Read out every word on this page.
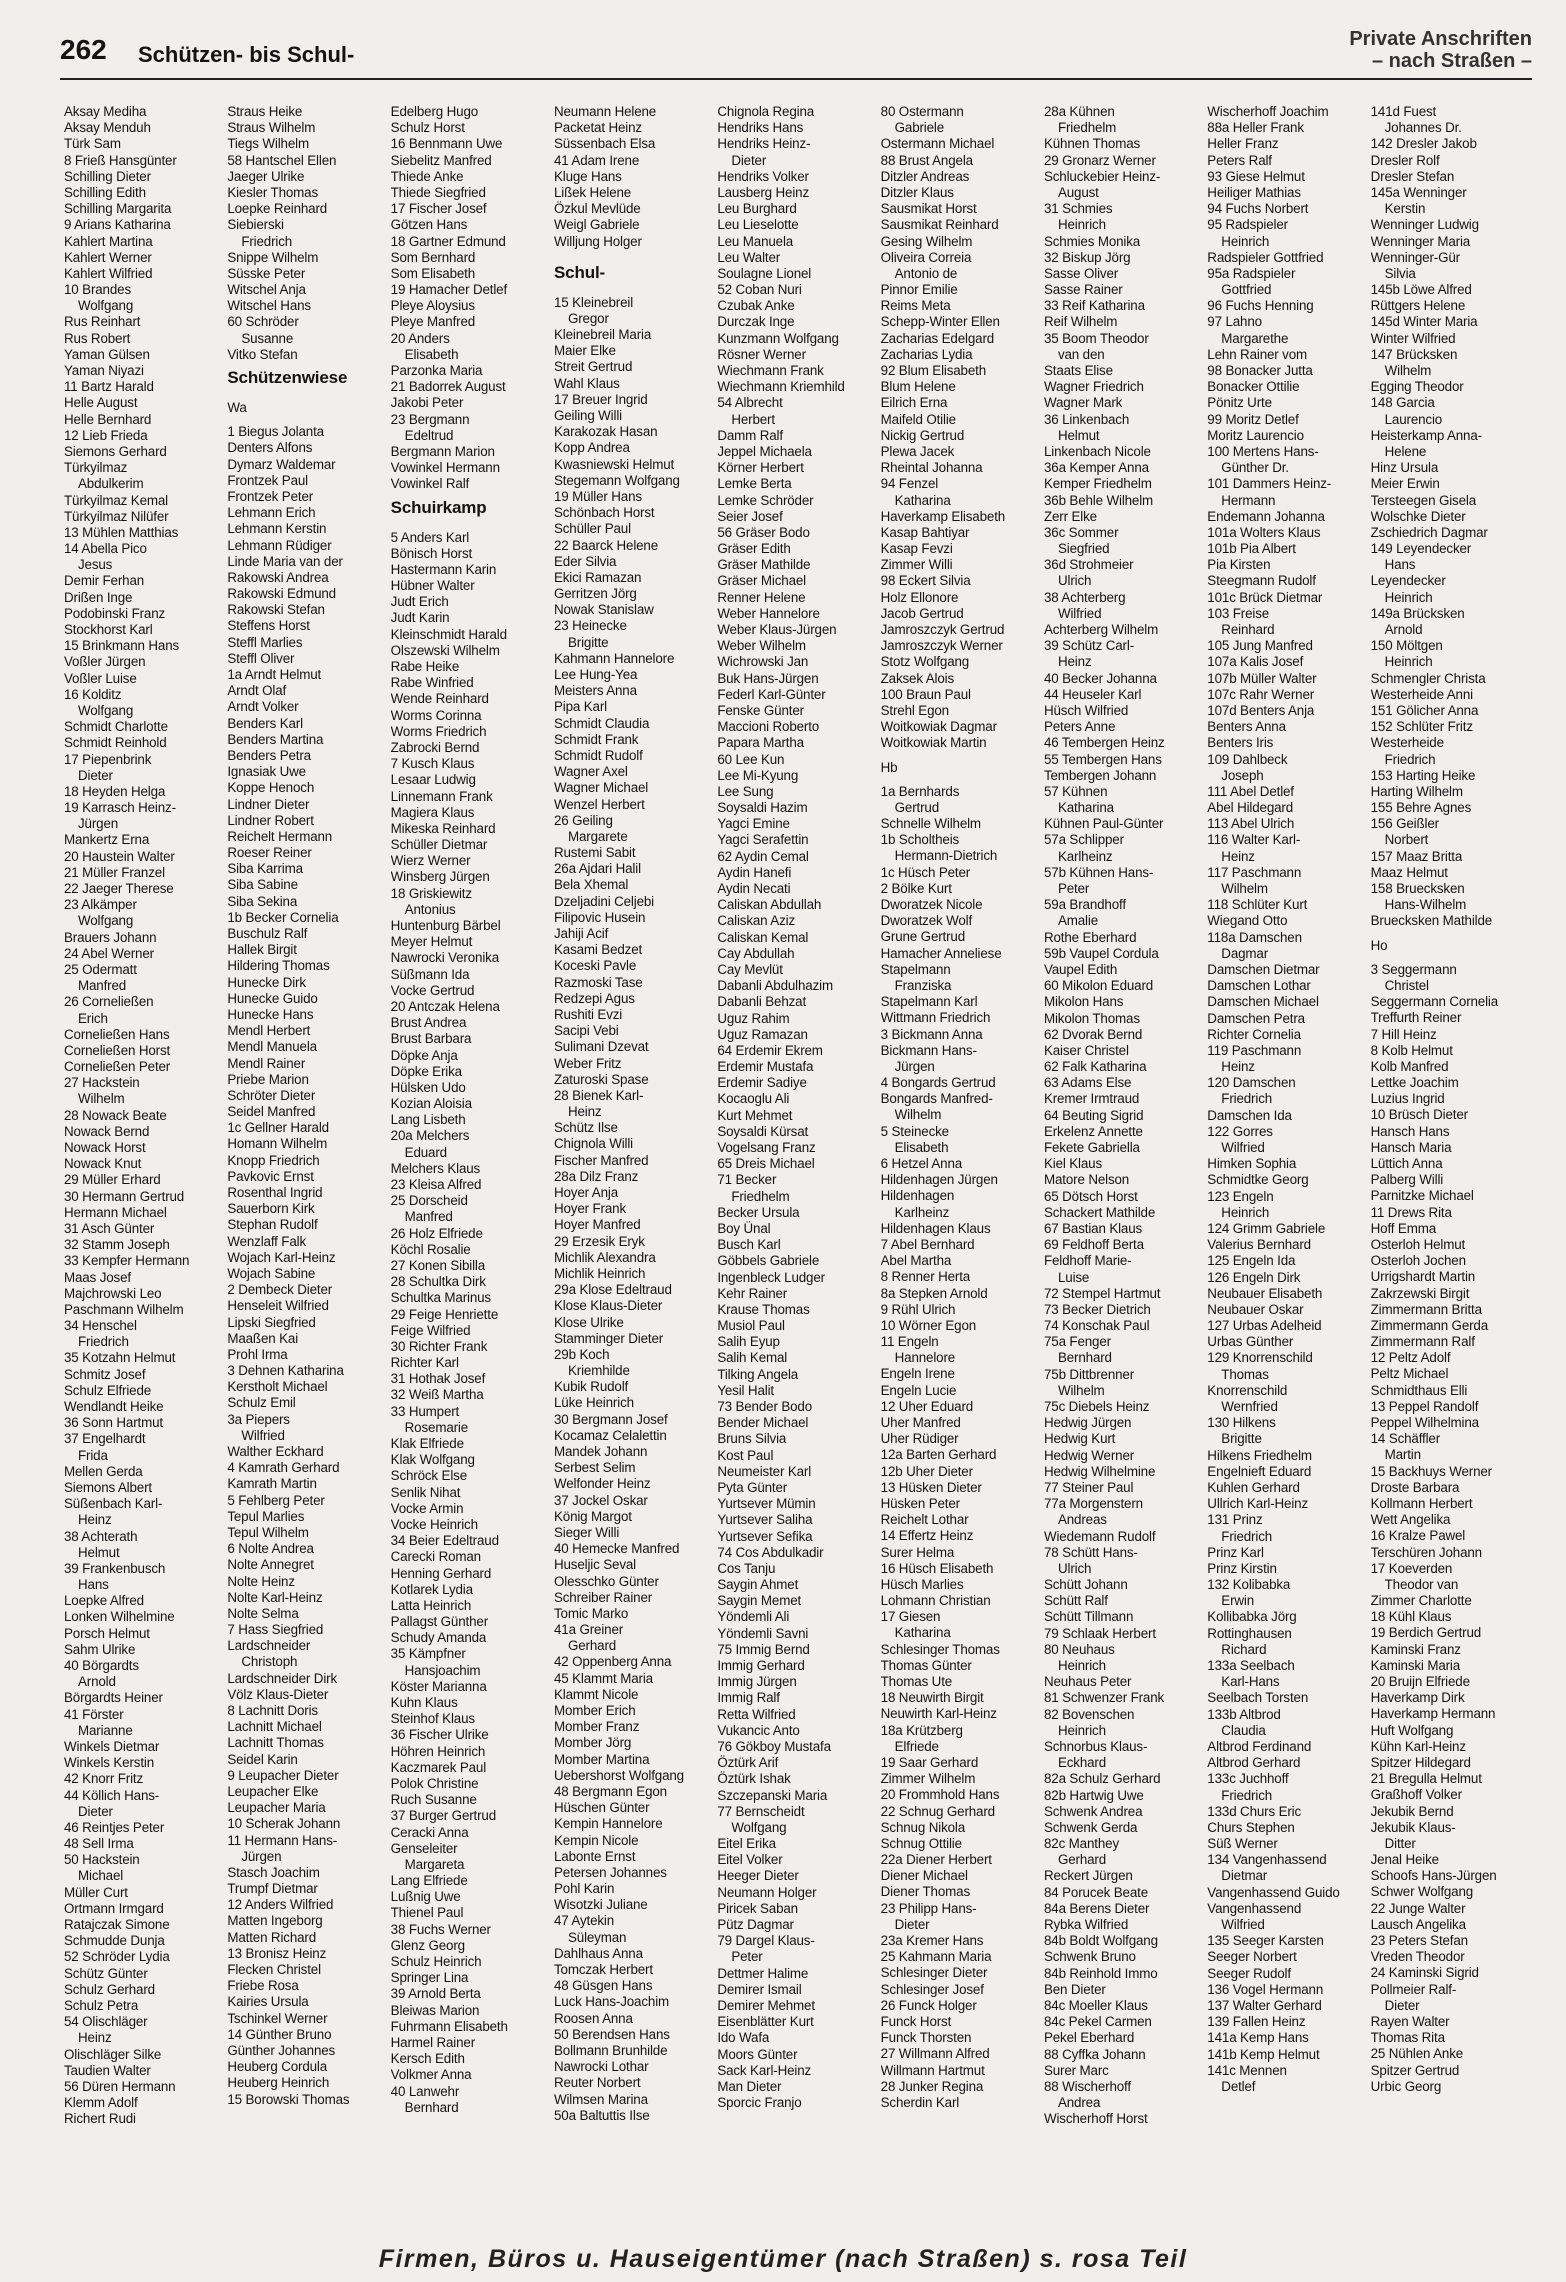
262 Schützen- bis Schul-
Private Anschriften
– nach Straßen –
Aksay Mediha
Aksay Menduh
Türk Sam
8 Frieß Hansgünter
Schilling Dieter
Schilling Edith
Schilling Margarita
9 Arians Katharina
Kahlert Martina
Kahlert Werner
Kahlert Wilfried
10 Brandes
Wolfgang
Rus Reinhart
Rus Robert
Yaman Gülsen
Yaman Niyazi
11 Bartz Harald
Helle August
Helle Bernhard
12 Lieb Frieda
Siemons Gerhard
Türkyilmaz
Abdulkerim
Türkyilmaz Kemal
Türkyilmaz Nilüfer
13 Mühlen Matthias
14 Abella Pico
Jesus
Demir Ferhan
Drißen Inge
Podobinski Franz
Stockhorst Karl
15 Brinkmann Hans
Voßler Jürgen
Voßler Luise
16 Kolditz
Wolfgang
Schmidt Charlotte
Schmidt Reinhold
17 Piepenbrink
Dieter
18 Heyden Helga
19 Karrasch Heinz-
Jürgen
Mankertz Erna
20 Haustein Walter
21 Müller Franzel
22 Jaeger Therese
23 Alkämper
Wolfgang
Brauers Johann
24 Abel Werner
25 Odermatt
Manfred
26 Corneließen
Erich
Corneließen Hans
Corneließen Horst
Corneließen Peter
27 Hackstein
Wilhelm
28 Nowack Beate
Nowack Bernd
Nowack Horst
Nowack Knut
29 Müller Erhard
30 Hermann Gertrud
Hermann Michael
31 Asch Günter
32 Stamm Joseph
33 Kempfer Hermann
Maas Josef
Majchrowski Leo
Paschmann Wilhelm
34 Henschel
Friedrich
35 Kotzahn Helmut
Schmitz Josef
Schulz Elfriede
Wendlandt Heike
36 Sonn Hartmut
37 Engelhardt
Frida
Mellen Gerda
Siemons Albert
Süßenbach Karl-
Heinz
38 Achterath
Helmut
39 Frankenbusch
Hans
Loepke Alfred
Lonken Wilhelmine
Porsch Helmut
Sahm Ulrike
40 Börgardts
Arnold
Börgardts Heiner
41 Förster
Marianne
Winkels Dietmar
Winkels Kerstin
42 Knorr Fritz
44 Köllich Hans-
Dieter
46 Reintjes Peter
48 Sell Irma
50 Hackstein
Michael
Müller Curt
Ortmann Irmgard
Ratajczak Simone
Schmudde Dunja
52 Schröder Lydia
Schütz Günter
Schulz Gerhard
Schulz Petra
54 Olischläger
Heinz
Olischläger Silke
Taudien Walter
56 Düren Hermann
Klemm Adolf
Richert Rudi
Straus Heike
Straus Wilhelm
Tiegs Wilhelm
58 Hantschel Ellen
Jaeger Ulrike
Kiesler Thomas
Loepke Reinhard
Siebierski
Friedrich
Snippe Wilhelm
Süsske Peter
Witschel Anja
Witschel Hans
60 Schröder
Susanne
Vitko Stefan
Schützenwiese
Wa
1 Biegus Jolanta
Denters Alfons
Dymarz Waldemar
Frontzek Paul
Frontzek Peter
Lehmann Erich
Lehmann Kerstin
Lehmann Rüdiger
Linde Maria van der
Rakowski Andrea
Rakowski Edmund
Rakowski Stefan
Steffens Horst
Steffl Marlies
Steffl Oliver
1a Arndt Helmut
Arndt Olaf
Arndt Volker
Benders Karl
Benders Martina
Benders Petra
Ignasiak Uwe
Koppe Henoch
Lindner Dieter
Lindner Robert
Reichelt Hermann
Roeser Reiner
Siba Karrima
Siba Sabine
Siba Sekina
1b Becker Cornelia
Buschulz Ralf
Hallek Birgit
Hildering Thomas
Hunecke Dirk
Hunecke Guido
Hunecke Hans
Mendl Herbert
Mendl Manuela
Mendl Rainer
Priebe Marion
Schröter Dieter
Seidel Manfred
1c Gellner Harald
Homann Wilhelm
Knopp Friedrich
Pavkovic Ernst
Rosenthal Ingrid
Sauerborn Kirk
Stephan Rudolf
Wenzlaff Falk
Wojach Karl-Heinz
Wojach Sabine
2 Dembeck Dieter
Henseleit Wilfried
Lipski Siegfried
Maaßen Kai
Prohl Irma
3 Dehnen Katharina
Kerstholt Michael
Schulz Emil
3a Piepers
Wilfried
Walther Eckhard
4 Kamrath Gerhard
Kamrath Martin
5 Fehlberg Peter
Tepul Marlies
Tepul Wilhelm
6 Nolte Andrea
Nolte Annegret
Nolte Heinz
Nolte Karl-Heinz
Nolte Selma
7 Hass Siegfried
Lardschneider
Christoph
Lardschneider Dirk
Völz Klaus-Dieter
8 Lachnitt Doris
Lachnitt Michael
Lachnitt Thomas
Seidel Karin
9 Leupacher Dieter
Leupacher Elke
Leupacher Maria
10 Scherak Johann
11 Hermann Hans-
Jürgen
Stasch Joachim
Trumpf Dietmar
12 Anders Wilfried
Matten Ingeborg
Matten Richard
13 Bronisz Heinz
Flecken Christel
Friebe Rosa
Kairies Ursula
Tschinkel Werner
14 Günther Bruno
Günther Johannes
Heuberg Cordula
Heuberg Heinrich
15 Borowski Thomas
Edelberg Hugo
Schulz Horst
16 Bennmann Uwe
Siebelitz Manfred
Thiede Anke
Thiede Siegfried
17 Fischer Josef
Götzen Hans
18 Gartner Edmund
Som Bernhard
Som Elisabeth
19 Hamacher Detlef
Pleye Aloysius
Pleye Manfred
20 Anders
Elisabeth
Parzonka Maria
21 Badorrek August
Jakobi Peter
23 Bergmann
Edeltrud
Bergmann Marion
Vowinkel Hermann
Vowinkel Ralf
Schuirkamp
5 Anders Karl
Bönisch Horst
Hastermann Karin
Hübner Walter
Judt Erich
Judt Karin
Kleinschmidt Harald
Olszewski Wilhelm
Rabe Heike
Rabe Winfried
Wende Reinhard
Worms Corinna
Worms Friedrich
Zabrocki Bernd
7 Kusch Klaus
Lesaar Ludwig
Linnemann Frank
Magiera Klaus
Mikeska Reinhard
Schüller Dietmar
Wierz Werner
Winsberg Jürgen
18 Griskiewitz
Antonius
Huntenburg Bärbel
Meyer Helmut
Nawrocki Veronika
Süßmann Ida
Vocke Gertrud
20 Antczak Helena
Brust Andrea
Brust Barbara
Döpke Anja
Döpke Erika
Hülsken Udo
Kozian Aloisia
Lang Lisbeth
20a Melchers
Eduard
Melchers Klaus
23 Kleisa Alfred
25 Dorscheid
Manfred
26 Holz Elfriede
Köchl Rosalie
27 Konen Sibilla
28 Schultka Dirk
Schultka Marinus
29 Feige Henriette
Feige Wilfried
30 Richter Frank
Richter Karl
31 Hothak Josef
32 Weiß Martha
33 Humpert
Rosemarie
Klak Elfriede
Klak Wolfgang
Schröck Else
Senlik Nihat
Vocke Armin
Vocke Heinrich
34 Beier Edeltraud
Carecki Roman
Henning Gerhard
Kotlarek Lydia
Latta Heinrich
Pallagst Günther
Schudy Amanda
35 Kämpfner
Hansjoachim
Köster Marianna
Kuhn Klaus
Steinhof Klaus
36 Fischer Ulrike
Höhren Heinrich
Kaczmarek Paul
Polok Christine
Ruch Susanne
37 Burger Gertrud
Ceracki Anna
Genseleiter
Margareta
Lang Elfriede
Lußnig Uwe
Thienel Paul
38 Fuchs Werner
Glenz Georg
Schulz Heinrich
Springer Lina
39 Arnold Berta
Bleiwas Marion
Fuhrmann Elisabeth
Harmel Rainer
Kersch Edith
Volkmer Anna
40 Lanwehr
Bernhard
Neumann Helene
Packetat Heinz
Süssenbach Elsa
41 Adam Irene
Kluge Hans
Lißek Helene
Özkul Mevlüde
Weigl Gabriele
Willjung Holger
Schul-
15 Kleinebreil
Gregor
Kleinebreil Maria
Maier Elke
Streit Gertrud
Wahl Klaus
17 Breuer Ingrid
Geiling Willi
Karakozak Hasan
Kopp Andrea
Kwasniewski Helmut
Stegemann Wolfgang
19 Müller Hans
Schönbach Horst
Schüller Paul
22 Baarck Helene
Eder Silvia
Ekici Ramazan
Gerritzen Jörg
Nowak Stanislaw
23 Heinecke
Brigitte
Kahmann Hannelore
Lee Hung-Yea
Meisters Anna
Pipa Karl
Schmidt Claudia
Schmidt Frank
Schmidt Rudolf
Wagner Axel
Wagner Michael
Wenzel Herbert
26 Geiling
Margarete
Rustemi Sabit
26a Ajdari Halil
Bela Xhemal
Dzeljadini Celjebi
Filipovic Husein
Jahiji Acif
Kasami Bedzet
Koceski Pavle
Razmoski Tase
Redzepi Agus
Rushiti Evzi
Sacipi Vebi
Sulimani Dzevat
Weber Fritz
Zaturoski Spase
28 Bienek Karl-
Heinz
Schütz Ilse
Chignola Willi
Fischer Manfred
28a Dilz Franz
Hoyer Anja
Hoyer Frank
Hoyer Manfred
29 Erzesik Eryk
Michlik Alexandra
Michlik Heinrich
29a Klose Edeltraud
Klose Klaus-Dieter
Klose Ulrike
Stamminger Dieter
29b Koch
Kriemhilde
Kubik Rudolf
Lüke Heinrich
30 Bergmann Josef
Kocamaz Celalettin
Mandek Johann
Serbest Selim
Welfonder Heinz
37 Jockel Oskar
König Margot
Sieger Willi
40 Hemecke Manfred
Huseljic Seval
Olesschko Günter
Schreiber Rainer
Tomic Marko
41a Greiner
Gerhard
42 Oppenberg Anna
45 Klammt Maria
Klammt Nicole
Momber Erich
Momber Franz
Momber Jörg
Momber Martina
Uebershorst Wolfgang
48 Bergmann Egon
Hüschen Günter
Kempin Hannelore
Kempin Nicole
Labonte Ernst
Petersen Johannes
Pohl Karin
Wisotzki Juliane
47 Aytekin
Süleyman
Dahlhaus Anna
Tomczak Herbert
48 Güsgen Hans
Luck Hans-Joachim
Roosen Anna
50 Berendsen Hans
Bollmann Brunhilde
Nawrocki Lothar
Reuter Norbert
Wilmsen Marina
50a Baltuttis Ilse
Chignola Regina
Hendriks Hans
Hendriks Heinz-
Dieter
Hendriks Volker
Lausberg Heinz
Leu Burghard
Leu Lieselotte
Leu Manuela
Leu Walter
Soulagne Lionel
52 Coban Nuri
Czubak Anke
Durczak Inge
Kunzmann Wolfgang
Rösner Werner
Wiechmann Frank
Wiechmann Kriemhild
54 Albrecht
Herbert
Damm Ralf
Jeppel Michaela
Körner Herbert
Lemke Berta
Lemke Schröder
Seier Josef
56 Gräser Bodo
Gräser Edith
Gräser Mathilde
Gräser Michael
Renner Helene
Weber Hannelore
Weber Klaus-Jürgen
Weber Wilhelm
Wichrowski Jan
Buk Hans-Jürgen
Federl Karl-Günter
Fenske Günter
Maccioni Roberto
Papara Martha
60 Lee Kun
Lee Mi-Kyung
Lee Sung
Soysaldi Hazim
Yagci Emine
Yagci Serafettin
62 Aydin Cemal
Aydin Hanefi
Aydin Necati
Caliskan Abdullah
Caliskan Aziz
Caliskan Kemal
Cay Abdullah
Cay Mevlüt
Dabanli Abdulhazim
Dabanli Behzat
Uguz Rahim
Uguz Ramazan
64 Erdemir Ekrem
Erdemir Mustafa
Erdemir Sadiye
Kocaoglu Ali
Kurt Mehmet
Soysaldi Kürsat
Vogelsang Franz
65 Dreis Michael
71 Becker
Friedhelm
Becker Ursula
Boy Ünal
Busch Karl
Göbbels Gabriele
Ingenbleck Ludger
Kehr Rainer
Krause Thomas
Musiol Paul
Salih Eyup
Salih Kemal
Tilking Angela
Yesil Halit
73 Bender Bodo
Bender Michael
Bruns Silvia
Kost Paul
Neumeister Karl
Pyta Günter
Yurtsever Mümin
Yurtsever Saliha
Yurtsever Sefika
74 Cos Abdulkadir
Cos Tanju
Saygin Ahmet
Saygin Memet
Yöndemli Ali
Yöndemli Savni
75 Immig Bernd
Immig Gerhard
Immig Jürgen
Immig Ralf
Retta Wilfried
Vukancic Anto
76 Gökboy Mustafa
Öztürk Arif
Öztürk Ishak
Szczepanski Maria
77 Bernscheidt
Wolfgang
Eitel Erika
Eitel Volker
Heeger Dieter
Neumann Holger
Piricek Saban
Pütz Dagmar
79 Dargel Klaus-
Peter
Dettmer Halime
Demirer Ismail
Demirer Mehmet
Eisenblätter Kurt
Ido Wafa
Moors Günter
Sack Karl-Heinz
Man Dieter
Sporcic Franjo
80 Ostermann
Gabriele
Ostermann Michael
88 Brust Angela
Ditzler Andreas
Ditzler Klaus
Sausmikat Horst
Sausmikat Reinhard
Gesing Wilhelm
Oliveira Correia
Antonio de
Pinnor Emilie
Reims Meta
Schepp-Winter Ellen
Zacharias Edelgard
Zacharias Lydia
92 Blum Elisabeth
Blum Helene
Eilrich Erna
Maifeld Otilie
Nickig Gertrud
Plewa Jacek
Rheintal Johanna
94 Fenzel
Katharina
Haverkamp Elisabeth
Kasap Bahtiyar
Kasap Fevzi
Zimmer Willi
98 Eckert Silvia
Holz Ellonore
Jacob Gertrud
Jamroszczyk Gertrud
Jamroszczyk Werner
Stotz Wolfgang
Zaksek Alois
100 Braun Paul
Strehl Egon
Woitkowiak Dagmar
Woitkowiak Martin
Hb
1a Bernhards
Gertrud
Schnelle Wilhelm
1b Scholtheis
Hermann-Dietrich
1c Hüsch Peter
2 Bölke Kurt
Dworatzek Nicole
Dworatzek Wolf
Grune Gertrud
Hamacher Anneliese
Stapelmann
Franziska
Stapelmann Karl
Wittmann Friedrich
3 Bickmann Anna
Bickmann Hans-
Jürgen
4 Bongards Gertrud
Bongards Manfred-
Wilhelm
5 Steinecke
Elisabeth
6 Hetzel Anna
Hildenhagen Jürgen
Hildenhagen
Karlheinz
Hildenhagen Klaus
7 Abel Bernhard
Abel Martha
8 Renner Herta
8a Stepken Arnold
9 Rühl Ulrich
10 Wörner Egon
11 Engeln
Hannelore
Engeln Irene
Engeln Lucie
12 Uher Eduard
Uher Manfred
Uher Rüdiger
12a Barten Gerhard
12b Uher Dieter
13 Hüsken Dieter
Hüsken Peter
Reichelt Lothar
14 Effertz Heinz
Surer Helma
16 Hüsch Elisabeth
Hüsch Marlies
Lohmann Christian
17 Giesen
Katharina
Schlesinger Thomas
Thomas Günter
Thomas Ute
18 Neuwirth Birgit
Neuwirth Karl-Heinz
18a Krützberg
Elfriede
19 Saar Gerhard
Zimmer Wilhelm
20 Frommhold Hans
22 Schnug Gerhard
Schnug Nikola
Schnug Ottilie
22a Diener Herbert
Diener Michael
Diener Thomas
23 Philipp Hans-
Dieter
23a Kremer Hans
25 Kahmann Maria
Schlesinger Dieter
Schlesinger Josef
26 Funck Holger
Funck Horst
Funck Thorsten
27 Willmann Alfred
Willmann Hartmut
28 Junker Regina
Scherdin Karl
28a Kühnen
Friedhelm
Kühnen Thomas
29 Gronarz Werner
Schluckebier Heinz-
August
31 Schmies
Heinrich
Schmies Monika
32 Biskup Jörg
Sasse Oliver
Sasse Rainer
33 Reif Katharina
Reif Wilhelm
35 Boom Theodor
van den
Staats Elise
Wagner Friedrich
Wagner Mark
36 Linkenbach
Helmut
Linkenbach Nicole
36a Kemper Anna
Kemper Friedhelm
36b Behle Wilhelm
Zerr Elke
36c Sommer
Siegfried
36d Strohmeier
Ulrich
38 Achterberg
Wilfried
Achterberg Wilhelm
39 Schütz Carl-
Heinz
40 Becker Johanna
44 Heuseler Karl
Hüsch Wilfried
Peters Anne
46 Tembergen Heinz
55 Tembergen Hans
Tembergen Johann
57 Kühnen
Katharina
Kühnen Paul-Günter
57a Schlipper
Karlheinz
57b Kühnen Hans-
Peter
59a Brandhoff
Amalie
Rothe Eberhard
59b Vaupel Cordula
Vaupel Edith
60 Mikolon Eduard
Mikolon Hans
Mikolon Thomas
62 Dvorak Bernd
Kaiser Christel
62 Falk Katharina
63 Adams Else
Kremer Irmtraud
64 Beuting Sigrid
Erkelenz Annette
Fekete Gabriella
Kiel Klaus
Matore Nelson
65 Dötsch Horst
Schackert Mathilde
67 Bastian Klaus
69 Feldhoff Berta
Feldhoff Marie-
Luise
72 Stempel Hartmut
73 Becker Dietrich
74 Konschak Paul
75a Fenger
Bernhard
75b Dittbrenner
Wilhelm
75c Diebels Heinz
Hedwig Jürgen
Hedwig Kurt
Hedwig Werner
Hedwig Wilhelmine
77 Steiner Paul
77a Morgenstern
Andreas
Wiedemann Rudolf
78 Schütt Hans-
Ulrich
Schütt Johann
Schütt Ralf
Schütt Tillmann
79 Schlaak Herbert
80 Neuhaus
Heinrich
Neuhaus Peter
81 Schwenzer Frank
82 Bovenschen
Heinrich
Schnorbus Klaus-
Eckhard
82a Schulz Gerhard
82b Hartwig Uwe
Schwenk Andrea
Schwenk Gerda
82c Manthey
Gerhard
Reckert Jürgen
84 Porucek Beate
84a Berens Dieter
Rybka Wilfried
84b Boldt Wolfgang
Schwenk Bruno
84b Reinhold Immo
Ben Dieter
84c Moeller Klaus
84c Pekel Carmen
Pekel Eberhard
88 Cyffka Johann
Surer Marc
88 Wischerhoff
Andrea
Wischerhoff Horst
Wischerhoff Joachim
88a Heller Frank
Heller Franz
Peters Ralf
93 Giese Helmut
Heiliger Mathias
94 Fuchs Norbert
95 Radspieler
Heinrich
Radspieler Gottfried
95a Radspieler
Gottfried
96 Fuchs Henning
97 Lahno
Margarethe
Lehn Rainer vom
98 Bonacker Jutta
Bonacker Ottilie
Pönitz Urte
99 Moritz Detlef
Moritz Laurencio
100 Mertens Hans-
Günther Dr.
101 Dammers Heinz-
Hermann
Endemann Johanna
101a Wolters Klaus
101b Pia Albert
Pia Kirsten
Steegmann Rudolf
101c Brück Dietmar
103 Freise
Reinhard
105 Jung Manfred
107a Kalis Josef
107b Müller Walter
107c Rahr Werner
107d Benters Anja
Benters Anna
Benters Iris
109 Dahlbeck
Joseph
111 Abel Detlef
Abel Hildegard
113 Abel Ulrich
116 Walter Karl-
Heinz
117 Paschmann
Wilhelm
118 Schlüter Kurt
Wiegand Otto
118a Damschen
Dagmar
Damschen Dietmar
Damschen Lothar
Damschen Michael
Damschen Petra
Richter Cornelia
119 Paschmann
Heinz
120 Damschen
Friedrich
Damschen Ida
122 Gorres
Wilfried
Himken Sophia
Schmidtke Georg
123 Engeln
Heinrich
124 Grimm Gabriele
Valerius Bernhard
125 Engeln Ida
126 Engeln Dirk
Neubauer Elisabeth
Neubauer Oskar
127 Urbas Adelheid
Urbas Günther
129 Knorrenschild
Thomas
Knorrenschild
Wernfried
130 Hilkens
Brigitte
Hilkens Friedhelm
Engelnieft Eduard
Kuhlen Gerhard
Ullrich Karl-Heinz
131 Prinz
Friedrich
Prinz Karl
Prinz Kirstin
132 Kolibabka
Erwin
Kollibabka Jörg
Rottinghausen
Richard
133a Seelbach
Karl-Hans
Seelbach Torsten
133b Altbrod
Claudia
Altbrod Ferdinand
Altbrod Gerhard
133c Juchhoff
Friedrich
133d Churs Eric
Churs Stephen
Süß Werner
134 Vangenhassend
Dietmar
Vangenhassend Guido
Vangenhassend
Wilfried
135 Seeger Karsten
Seeger Norbert
Seeger Rudolf
136 Vogel Hermann
137 Walter Gerhard
139 Fallen Heinz
141a Kemp Hans
141b Kemp Helmut
141c Mennen
Detlef
141d Fuest
Johannes Dr.
142 Dresler Jakob
Dresler Rolf
Dresler Stefan
145a Wenninger
Kerstin
Wenninger Ludwig
Wenninger Maria
Wenninger-Gür
Silvia
145b Löwe Alfred
Rüttgers Helene
145d Winter Maria
Winter Wilfried
147 Brücksken
Wilhelm
Egging Theodor
148 Garcia
Laurencio
Heisterkamp Anna-
Helene
Hinz Ursula
Meier Erwin
Tersteegen Gisela
Wolschke Dieter
Zschiedrich Dagmar
149 Leyendecker
Hans
Leyendecker
Heinrich
149a Brücksken
Arnold
150 Möltgen
Heinrich
Schmengler Christa
Westerheide Anni
151 Gölicher Anna
152 Schlüter Fritz
Westerheide
Friedrich
153 Harting Heike
Harting Wilhelm
155 Behre Agnes
156 Geißler
Norbert
157 Maaz Britta
Maaz Helmut
158 Bruecksken
Hans-Wilhelm
Bruecksken Mathilde
Ho
3 Seggermann
Christel
Seggermann Cornelia
Treffurth Reiner
7 Hill Heinz
8 Kolb Helmut
Kolb Manfred
Lettke Joachim
Luzius Ingrid
10 Brüsch Dieter
Hansch Hans
Hansch Maria
Lüttich Anna
Palberg Willi
Parnitzke Michael
11 Drews Rita
Hoff Emma
Osterloh Helmut
Osterloh Jochen
Urrigshardt Martin
Zakrzewski Birgit
Zimmermann Britta
Zimmermann Gerda
Zimmermann Ralf
12 Peltz Adolf
Peltz Michael
Schmidthaus Elli
13 Peppel Randolf
Peppel Wilhelmina
14 Schäffler
Martin
15 Backhuys Werner
Droste Barbara
Kollmann Herbert
Wett Angelika
16 Kralze Pawel
Terschüren Johann
17 Koeverden
Theodor van
Zimmer Charlotte
18 Kühl Klaus
19 Berdich Gertrud
Kaminski Franz
Kaminski Maria
20 Bruijn Elfriede
Haverkamp Dirk
Haverkamp Hermann
Huft Wolfgang
Kühn Karl-Heinz
Spitzer Hildegard
21 Bregulla Helmut
Graßhoff Volker
Jekubik Bernd
Jekubik Klaus-
Ditter
Jenal Heike
Schoofs Hans-Jürgen
Schwer Wolfgang
22 Junge Walter
Lausch Angelika
23 Peters Stefan
Vreden Theodor
24 Kaminski Sigrid
Pollmeier Ralf-
Dieter
Rayen Walter
Thomas Rita
25 Nühlen Anke
Spitzer Gertrud
Urbic Georg
Firmen, Büros u. Hauseigentümer (nach Straßen) s. rosa Teil
